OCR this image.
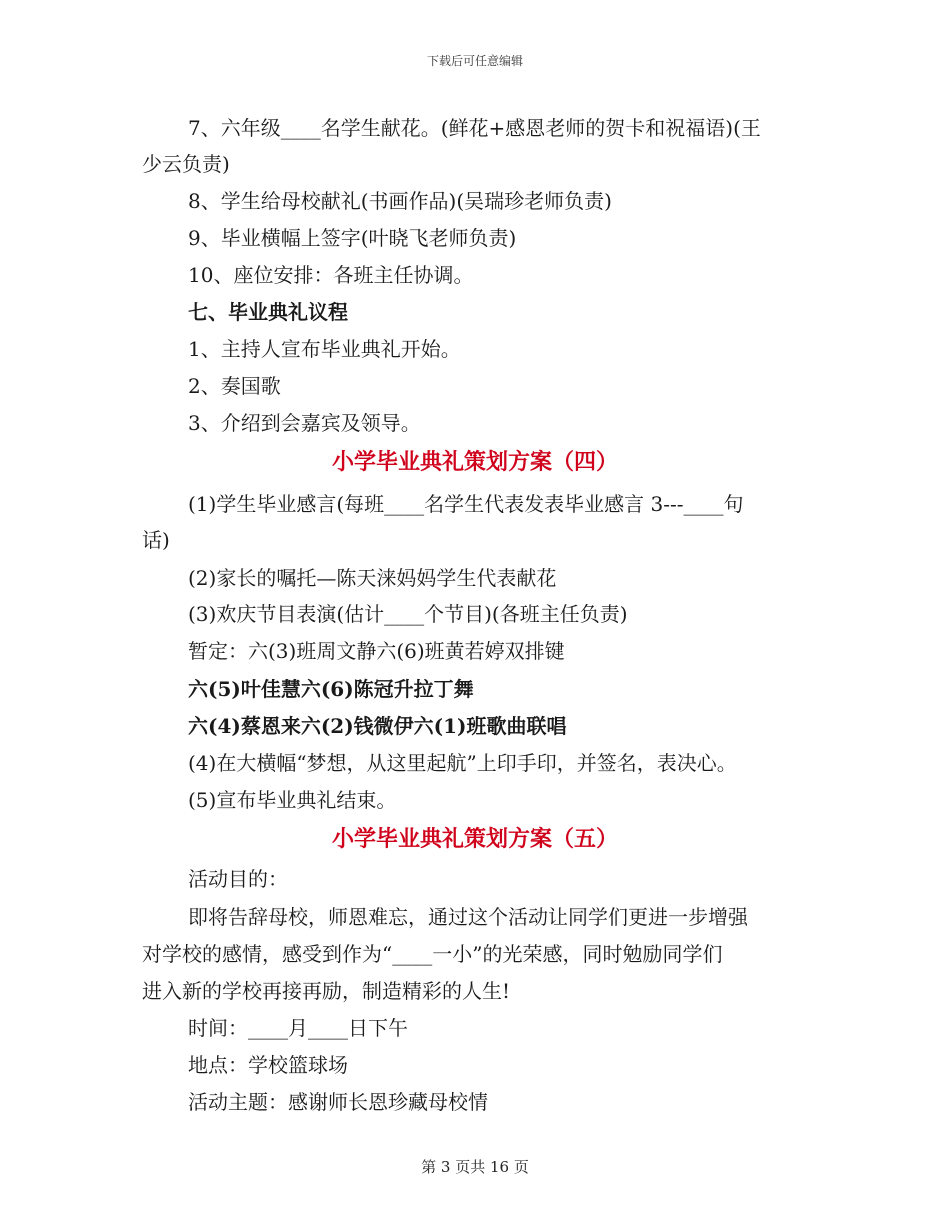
下载后可任意编辑
7、六年级____名学生献花。(鲜花+感恩老师的贺卡和祝福语)(王
少云负责)
8、学生给母校献礼(书画作品)(吴瑞珍老师负责)
9、毕业横幅上签字(叶晓飞老师负责)
10、座位安排：各班主任协调。
七、毕业典礼议程
1、主持人宣布毕业典礼开始。
2、奏国歌
3、介绍到会嘉宾及领导。
小学毕业典礼策划方案（四）
(1)学生毕业感言(每班____名学生代表发表毕业感言 3---____句
话)
(2)家长的嘱托—陈天涞妈妈学生代表献花
(3)欢庆节目表演(估计____个节目)(各班主任负责)
暂定：六(3)班周文静六(6)班黄若婷双排键
六(5)叶佳慧六(6)陈冠升拉丁舞
六(4)蔡恩来六(2)钱微伊六(1)班歌曲联唱
(4)在大横幅“梦想，从这里起航”上印手印，并签名，表决心。
(5)宣布毕业典礼结束。
小学毕业典礼策划方案（五）
活动目的：
即将告辞母校，师恩难忘，通过这个活动让同学们更进一步增强
对学校的感情，感受到作为“____一小”的光荣感，同时勉励同学们
进入新的学校再接再励，制造精彩的人生!
时间：____月____日下午
地点：学校篮球场
活动主题：感谢师长恩珍藏母校情
第 3 页共 16 页
